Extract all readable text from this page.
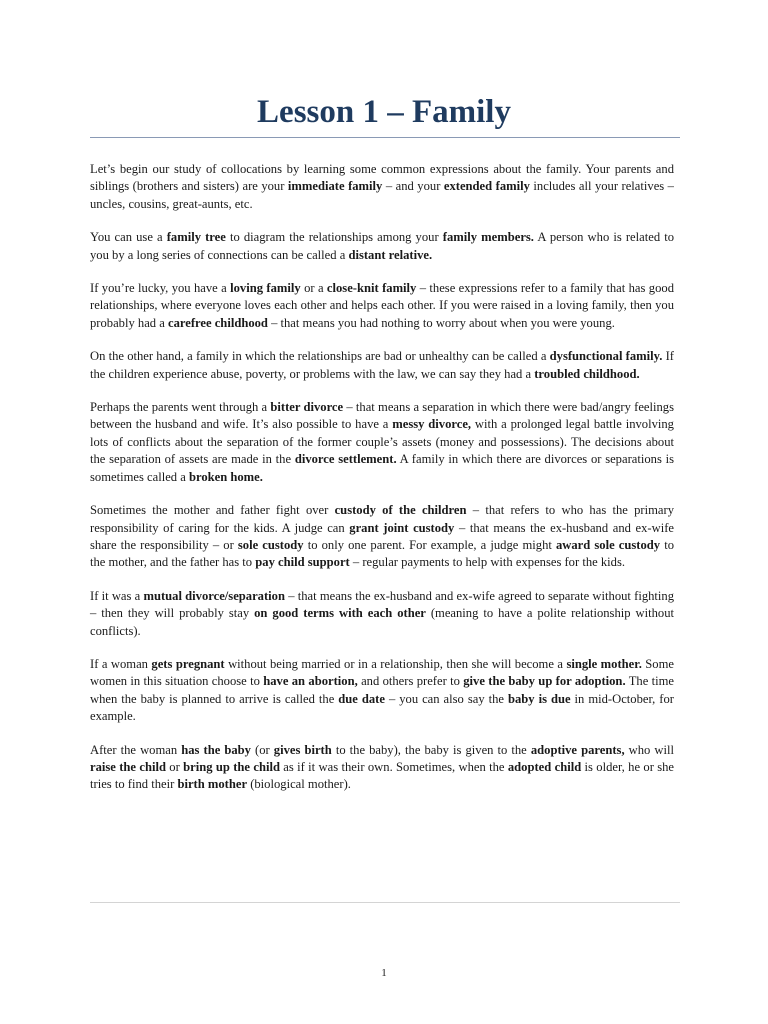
Lesson 1 – Family

Let’s begin our study of collocations by learning some common expressions about the family. Your parents and siblings (brothers and sisters) are your immediate family – and your extended family includes all your relatives – uncles, cousins, great-aunts, etc.

You can use a family tree to diagram the relationships among your family members. A person who is related to you by a long series of connections can be called a distant relative.

If you’re lucky, you have a loving family or a close-knit family – these expressions refer to a family that has good relationships, where everyone loves each other and helps each other. If you were raised in a loving family, then you probably had a carefree childhood – that means you had nothing to worry about when you were young.

On the other hand, a family in which the relationships are bad or unhealthy can be called a dysfunctional family. If the children experience abuse, poverty, or problems with the law, we can say they had a troubled childhood.

Perhaps the parents went through a bitter divorce – that means a separation in which there were bad/angry feelings between the husband and wife. It’s also possible to have a messy divorce, with a prolonged legal battle involving lots of conflicts about the separation of the former couple’s assets (money and possessions). The decisions about the separation of assets are made in the divorce settlement. A family in which there are divorces or separations is sometimes called a broken home.

Sometimes the mother and father fight over custody of the children – that refers to who has the primary responsibility of caring for the kids. A judge can grant joint custody – that means the ex-husband and ex-wife share the responsibility – or sole custody to only one parent. For example, a judge might award sole custody to the mother, and the father has to pay child support – regular payments to help with expenses for the kids.

If it was a mutual divorce/separation – that means the ex-husband and ex-wife agreed to separate without fighting – then they will probably stay on good terms with each other (meaning to have a polite relationship without conflicts).

If a woman gets pregnant without being married or in a relationship, then she will become a single mother. Some women in this situation choose to have an abortion, and others prefer to give the baby up for adoption. The time when the baby is planned to arrive is called the due date – you can also say the baby is due in mid-October, for example.

After the woman has the baby (or gives birth to the baby), the baby is given to the adoptive parents, who will raise the child or bring up the child as if it was their own. Sometimes, when the adopted child is older, he or she tries to find their birth mother (biological mother).

1
